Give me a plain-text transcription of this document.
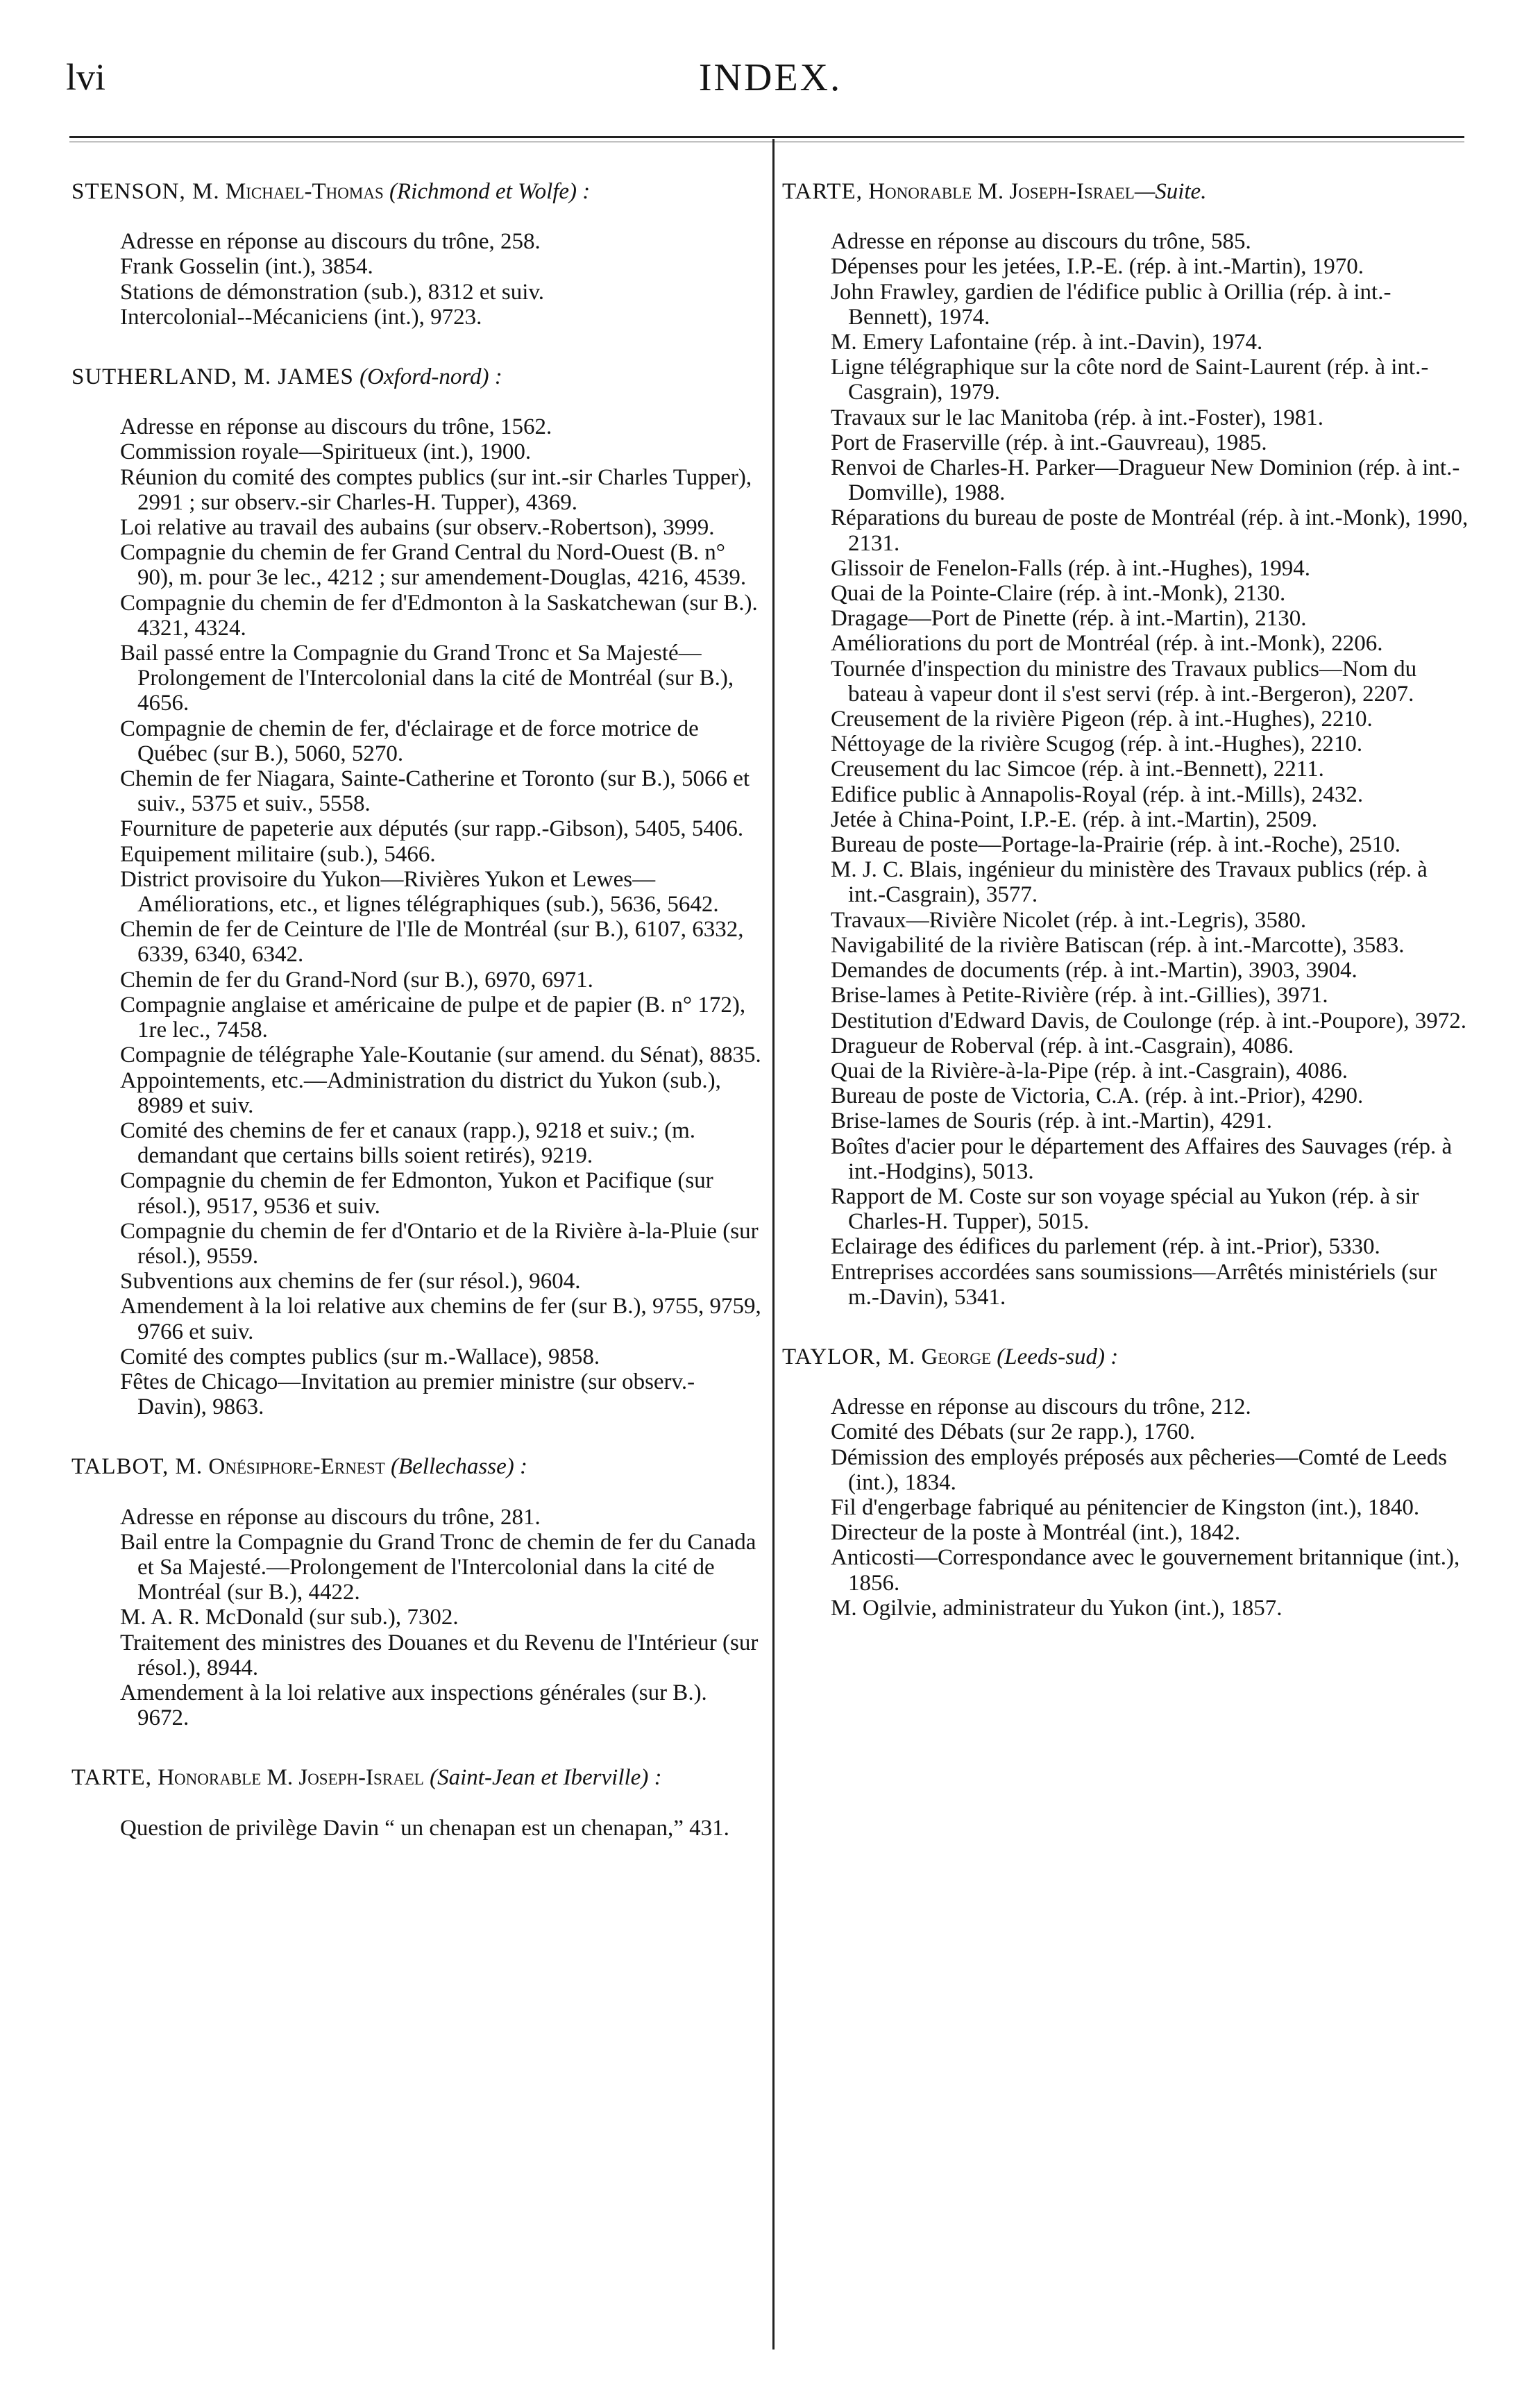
lvi	INDEX.
STENSON, M. Michael-Thomas (Richmond et Wolfe) :
Adresse en réponse au discours du trône, 258.
Frank Gosselin (int.), 3854.
Stations de démonstration (sub.), 8312 et suiv.
Intercolonial--Mécaniciens (int.), 9723.
SUTHERLAND, M. JAMES (Oxford-nord) :
Adresse en réponse au discours du trône, 1562.
Commission royale—Spiritueux (int.), 1900.
Réunion du comité des comptes publics (sur int.-sir Charles Tupper), 2991 ; sur observ.-sir Charles-H. Tupper), 4369.
Loi relative au travail des aubains (sur observ.-Robertson), 3999.
Compagnie du chemin de fer Grand Central du Nord-Ouest (B. n° 90), m. pour 3e lec., 4212 ; sur amendement-Douglas, 4216, 4539.
Compagnie du chemin de fer d'Edmonton à la Saskatchewan (sur B.). 4321, 4324.
Bail passé entre la Compagnie du Grand Tronc et Sa Majesté—Prolongement de l'Intercolonial dans la cité de Montréal (sur B.), 4656.
Compagnie de chemin de fer, d'éclairage et de force motrice de Québec (sur B.), 5060, 5270.
Chemin de fer Niagara, Sainte-Catherine et Toronto (sur B.), 5066 et suiv., 5375 et suiv., 5558.
Fourniture de papeterie aux députés (sur rapp.-Gibson), 5405, 5406.
Equipement militaire (sub.), 5466.
District provisoire du Yukon—Rivières Yukon et Lewes—Améliorations, etc., et lignes télégraphiques (sub.), 5636, 5642.
Chemin de fer de Ceinture de l'Ile de Montréal (sur B.), 6107, 6332, 6339, 6340, 6342.
Chemin de fer du Grand-Nord (sur B.), 6970, 6971.
Compagnie anglaise et américaine de pulpe et de papier (B. n° 172), 1re lec., 7458.
Compagnie de télégraphe Yale-Koutanie (sur amend. du Sénat), 8835.
Appointements, etc.—Administration du district du Yukon (sub.), 8989 et suiv.
Comité des chemins de fer et canaux (rapp.), 9218 et suiv.; (m. demandant que certains bills soient retirés), 9219.
Compagnie du chemin de fer Edmonton, Yukon et Pacifique (sur résol.), 9517, 9536 et suiv.
Compagnie du chemin de fer d'Ontario et de la Rivière à-la-Pluie (sur résol.), 9559.
Subventions aux chemins de fer (sur résol.), 9604.
Amendement à la loi relative aux chemins de fer (sur B.), 9755, 9759, 9766 et suiv.
Comité des comptes publics (sur m.-Wallace), 9858.
Fêtes de Chicago—Invitation au premier ministre (sur observ.-Davin), 9863.
TALBOT, M. Onésiphore-Ernest (Bellechasse) :
Adresse en réponse au discours du trône, 281.
Bail entre la Compagnie du Grand Tronc de chemin de fer du Canada et Sa Majesté.—Prolongement de l'Intercolonial dans la cité de Montréal (sur B.), 4422.
M. A. R. McDonald (sur sub.), 7302.
Traitement des ministres des Douanes et du Revenu de l'Intérieur (sur résol.), 8944.
Amendement à la loi relative aux inspections générales (sur B.). 9672.
TARTE, Honorable M. Joseph-Israel (Saint-Jean et Iberville) :
Question de privilège Davin “ un chenapan est un chenapan,” 431.
TARTE, Honorable M. Joseph-Israel—Suite.
Adresse en réponse au discours du trône, 585.
Dépenses pour les jetées, I.P.-E. (rép. à int.-Martin), 1970.
John Frawley, gardien de l'édifice public à Orillia (rép. à int.-Bennett), 1974.
M. Emery Lafontaine (rép. à int.-Davin), 1974.
Ligne télégraphique sur la côte nord de Saint-Laurent (rép. à int.-Casgrain), 1979.
Travaux sur le lac Manitoba (rép. à int.-Foster), 1981.
Port de Fraserville (rép. à int.-Gauvreau), 1985.
Renvoi de Charles-H. Parker—Dragueur New Dominion (rép. à int.-Domville), 1988.
Réparations du bureau de poste de Montréal (rép. à int.-Monk), 1990, 2131.
Glissoir de Fenelon-Falls (rép. à int.-Hughes), 1994.
Quai de la Pointe-Claire (rép. à int.-Monk), 2130.
Dragage—Port de Pinette (rép. à int.-Martin), 2130.
Améliorations du port de Montréal (rép. à int.-Monk), 2206.
Tournée d'inspection du ministre des Travaux publics—Nom du bateau à vapeur dont il s'est servi (rép. à int.-Bergeron), 2207.
Creusement de la rivière Pigeon (rép. à int.-Hughes), 2210.
Néttoyage de la rivière Scugog (rép. à int.-Hughes), 2210.
Creusement du lac Simcoe (rép. à int.-Bennett), 2211.
Edifice public à Annapolis-Royal (rép. à int.-Mills), 2432.
Jetée à China-Point, I.P.-E. (rép. à int.-Martin), 2509.
Bureau de poste—Portage-la-Prairie (rép. à int.-Roche), 2510.
M. J. C. Blais, ingénieur du ministère des Travaux publics (rép. à int.-Casgrain), 3577.
Travaux—Rivière Nicolet (rép. à int.-Legris), 3580.
Navigabilité de la rivière Batiscan (rép. à int.-Marcotte), 3583.
Demandes de documents (rép. à int.-Martin), 3903, 3904.
Brise-lames à Petite-Rivière (rép. à int.-Gillies), 3971.
Destitution d'Edward Davis, de Coulonge (rép. à int.-Poupore), 3972.
Dragueur de Roberval (rép. à int.-Casgrain), 4086.
Quai de la Rivière-à-la-Pipe (rép. à int.-Casgrain), 4086.
Bureau de poste de Victoria, C.A. (rép. à int.-Prior), 4290.
Brise-lames de Souris (rép. à int.-Martin), 4291.
Boîtes d'acier pour le département des Affaires des Sauvages (rép. à int.-Hodgins), 5013.
Rapport de M. Coste sur son voyage spécial au Yukon (rép. à sir Charles-H. Tupper), 5015.
Eclairage des édifices du parlement (rép. à int.-Prior), 5330.
Entreprises accordées sans soumissions—Arrêtés ministériels (sur m.-Davin), 5341.
TAYLOR, M. George (Leeds-sud) :
Adresse en réponse au discours du trône, 212.
Comité des Débats (sur 2e rapp.), 1760.
Démission des employés préposés aux pêcheries—Comté de Leeds (int.), 1834.
Fil d'engerbage fabriqué au pénitencier de Kingston (int.), 1840.
Directeur de la poste à Montréal (int.), 1842.
Anticosti—Correspondance avec le gouvernement britannique (int.), 1856.
M. Ogilvie, administrateur du Yukon (int.), 1857.
